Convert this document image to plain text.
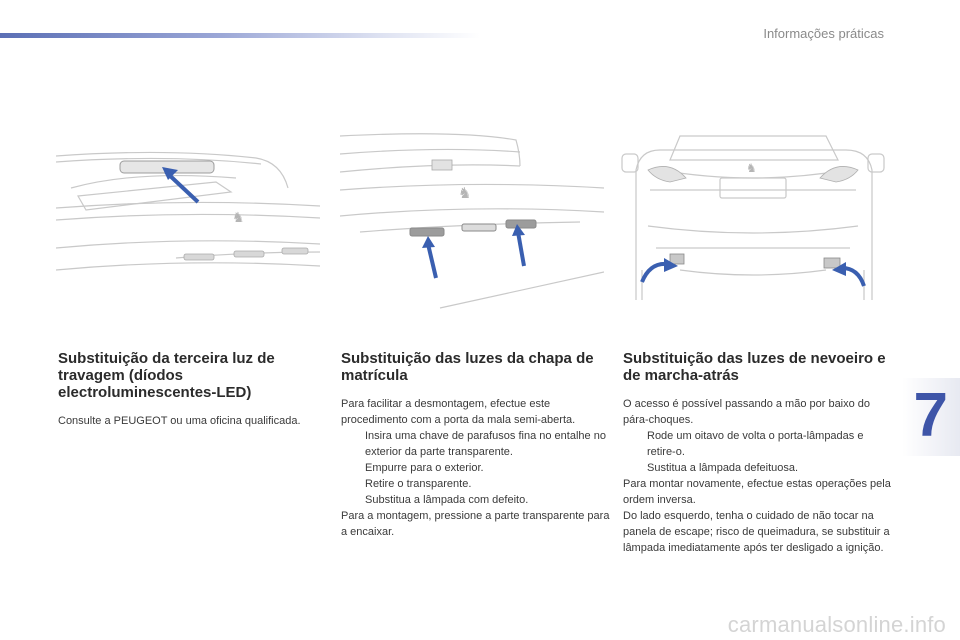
Informações práticas
7
♞
♞
♞
Substituição da terceira luz de travagem (díodos electroluminescentes-LED)

Consulte a PEUGEOT ou uma oficina qualificada.

Substituição das luzes da chapa de matrícula

Para facilitar a desmontagem, efectue este procedimento com a porta da mala semi-aberta.

Insira uma chave de parafusos fina no entalhe no exterior da parte transparente.

Empurre para o exterior.

Retire o transparente.

Substitua a lâmpada com defeito.

Para a montagem, pressione a parte transparente para a encaixar.

Substituição das luzes de nevoeiro e de marcha-atrás

O acesso é possível passando a mão por baixo do pára-choques.

Rode um oitavo de volta o porta-lâmpadas e retire-o.

Sustitua a lâmpada defeituosa.

Para montar novamente, efectue estas operações pela ordem inversa.

Do lado esquerdo, tenha o cuidado de não tocar na panela de escape; risco de queimadura, se substituir a lâmpada imediatamente após ter desligado a ignição.

carmanualsonline.info
